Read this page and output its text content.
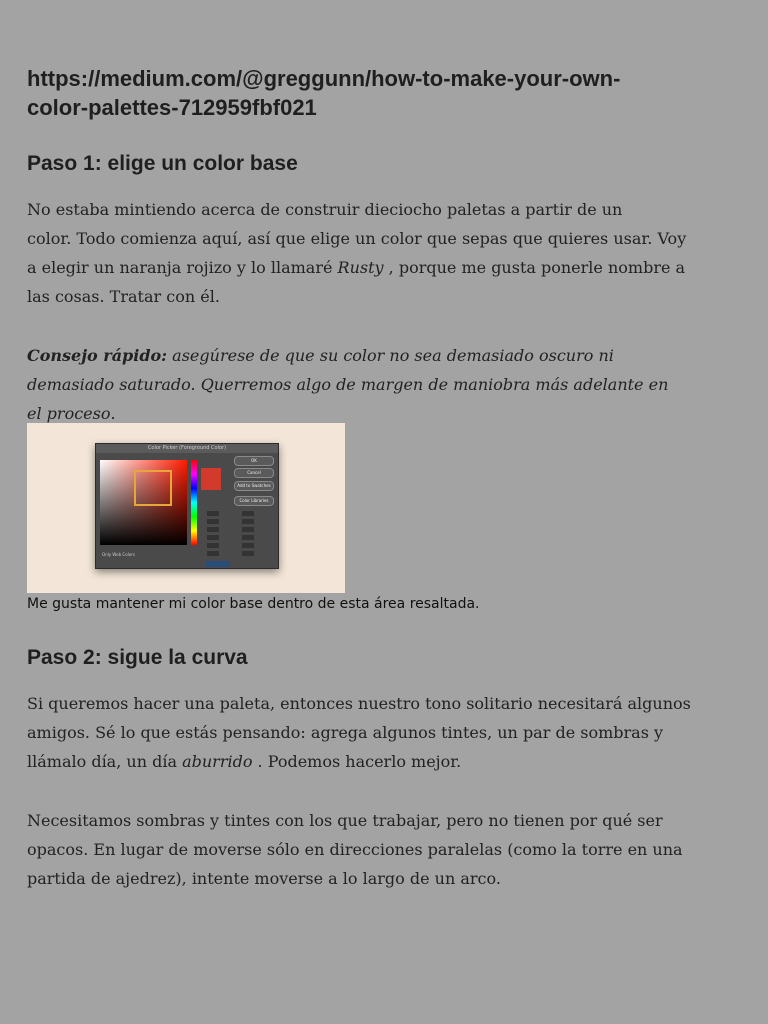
https://medium.com/@greggunn/how-to-make-your-own-
color-palettes-712959fbf021
Paso 1: elige un color base

No estaba mintiendo acerca de construir dieciocho paletas a partir de un
color. Todo comienza aquí, así que elige un color que sepas que quieres usar. Voy
a elegir un naranja rojizo y lo llamaré Rusty , porque me gusta ponerle nombre a
las cosas. Tratar con él.

Consejo rápido: asegúrese de que su color no sea demasiado oscuro ni
demasiado saturado. Querremos algo de margen de maniobra más adelante en
el proceso.

Color Picker (Foreground Color)
OK
Cancel
Add to Swatches
Color Libraries
Only Web Colors

Me gusta mantener mi color base dentro de esta área resaltada.

Paso 2: sigue la curva

Si queremos hacer una paleta, entonces nuestro tono solitario necesitará algunos
amigos. Sé lo que estás pensando: agrega algunos tintes, un par de sombras y
llámalo día, un día aburrido . Podemos hacerlo mejor.

Necesitamos sombras y tintes con los que trabajar, pero no tienen por qué ser
opacos. En lugar de moverse sólo en direcciones paralelas (como la torre en una
partida de ajedrez), intente moverse a lo largo de un arco.
